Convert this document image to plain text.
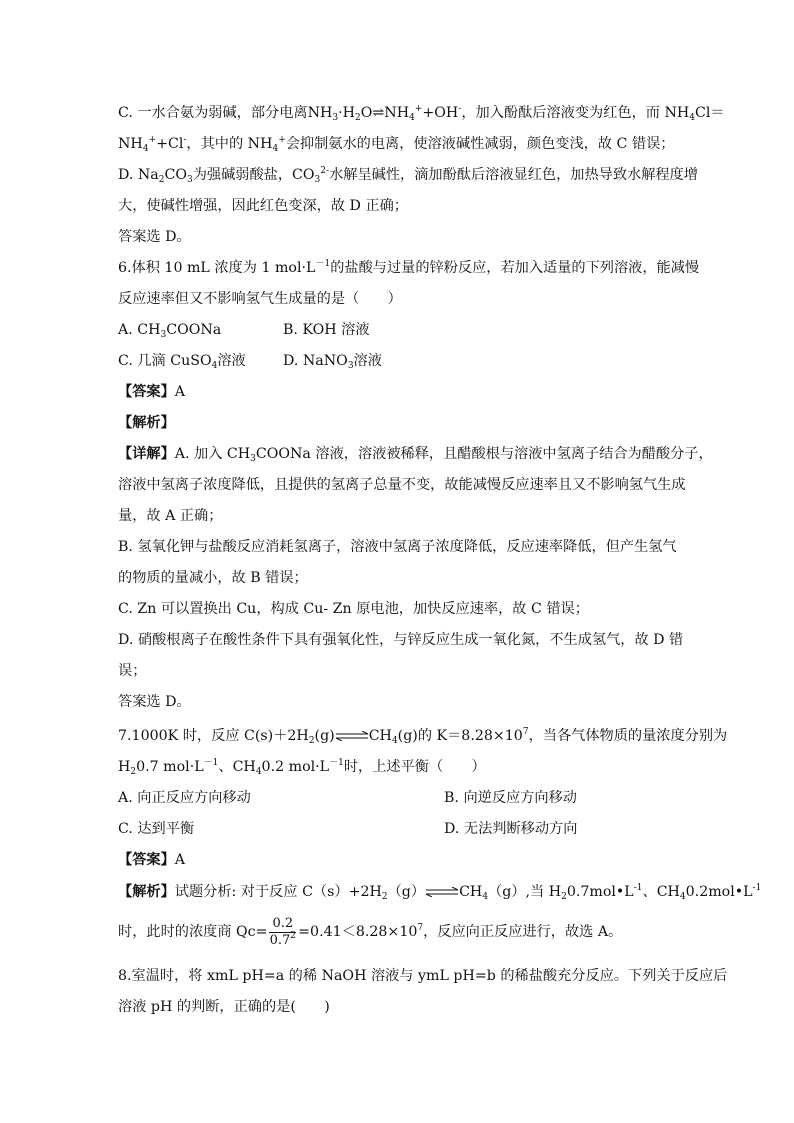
C. 一水合氨为弱碱，部分电离$NH_3\cdot H_2O\rightleftharpoons NH_4^++OH^-$，加入酚酞后溶液变为红色，而 $NH_4Cl=$
$NH_4^++Cl^-$，其中的 $NH_4^+$会抑制氨水的电离，使溶液碱性减弱，颜色变浅，故 C 错误；
D. $Na_2CO_3$为强碱弱酸盐，$CO_3^{2-}$水解呈碱性，滴加酚酞后溶液显红色，加热导致水解程度增
大，使碱性增强，因此红色变深，故 D 正确；
答案选 D。
6.体积 10 mL 浓度为 1 $mol\cdot L^{-1}$的盐酸与过量的锌粉反应，若加入适量的下列溶液，能减慢
反应速率但又不影响氢气生成量的是（　　）
A. $CH_3COONa$	B. KOH 溶液
C. 几滴 CuSO$_4$溶液	D. NaNO$_3$溶液
【答案】A
【解析】
【详解】A. 加入 $CH_3COONa$ 溶液，溶液被稀释，且醋酸根与溶液中氢离子结合为醋酸分子，
溶液中氢离子浓度降低，且提供的氢离子总量不变，故能减慢反应速率且又不影响氢气生成
量，故 A 正确；
B. 氢氧化钾与盐酸反应消耗氢离子，溶液中氢离子浓度降低，反应速率降低，但产生氢气
的物质的量减小，故 B 错误；
C. Zn 可以置换出 Cu，构成 Cu- Zn 原电池，加快反应速率，故 C 错误；
D. 硝酸根离子在酸性条件下具有强氧化性，与锌反应生成一氧化氮，不生成氢气，故 D 错
误；
答案选 D。
7.1000K 时，反应 $C(s)+2H_2(g)\rightleftharpoons CH_4(g)$的 $K=8.28\times 10^7$，当各气体物质的量浓度分别为
$H_20.7$ $mol\cdot L^{-1}$、$CH_40.2$ $mol\cdot L^{-1}$时，上述平衡（　　）
A. 向正反应方向移动	B. 向逆反应方向移动
C. 达到平衡	D. 无法判断移动方向
【答案】A
【解析】试题分析: 对于反应 $C(s)+2H_2(g)\rightleftharpoons CH_4(g)$,当 $H_20.7mol•L^{-1}$、$CH_40.2mol•L^{-1}$
时，此时的浓度商 $Qc= \frac{0.2}{0.7^2} =0.41<8.28\times 10^7$，反应向正反应进行，故选 A。
8.室温时，将 xmL pH=a 的稀 NaOH 溶液与 ymL pH=b 的稀盐酸充分反应。下列关于反应后
溶液 pH 的判断，正确的是(　　)
